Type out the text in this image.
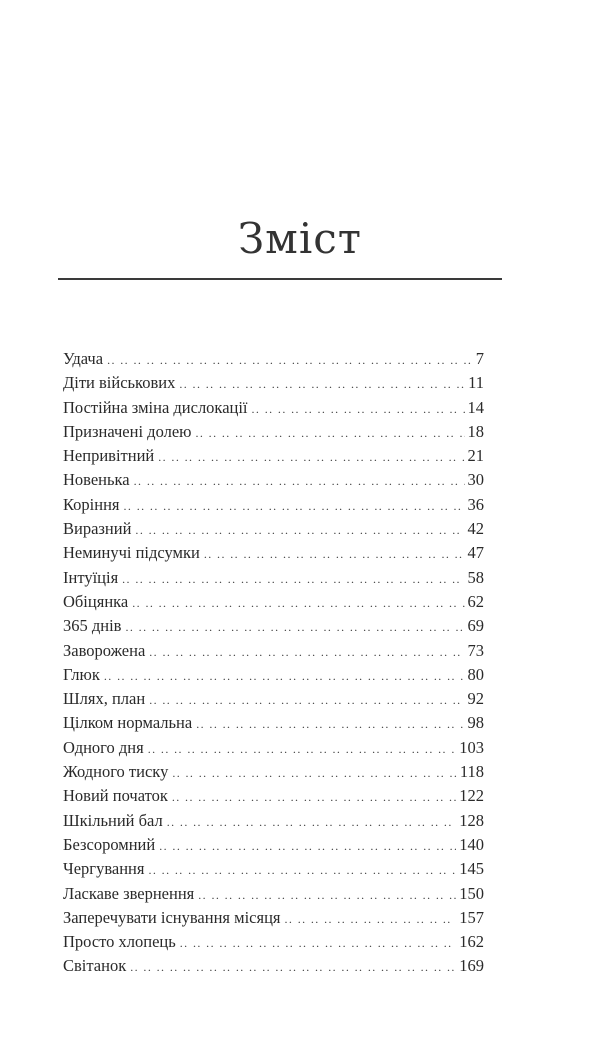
Зміст
Удача .. ..	7
Діти військових .. ..	11
Постійна зміна дислокації .. ..	14
Призначені долею .. ..	18
Непривітний .. ..	21
Новенька .. ..	30
Коріння .. ..	36
Виразний .. ..	42
Неминучі підсумки .. ..	47
Інтуїція .. ..	58
Обіцянка .. ..	62
365 днів .. ..	69
Заворожена .. ..	73
Глюк .. ..	80
Шлях, план .. ..	92
Цілком нормальна .. ..	98
Одного дня .. ..	103
Жодного тиску .. ..	118
Новий початок .. ..	122
Шкільний бал .. ..	128
Безсоромний .. ..	140
Чергування .. ..	145
Ласкаве звернення .. ..	150
Заперечувати існування місяця .. ..	157
Просто хлопець .. ..	162
Світанок .. ..	169
